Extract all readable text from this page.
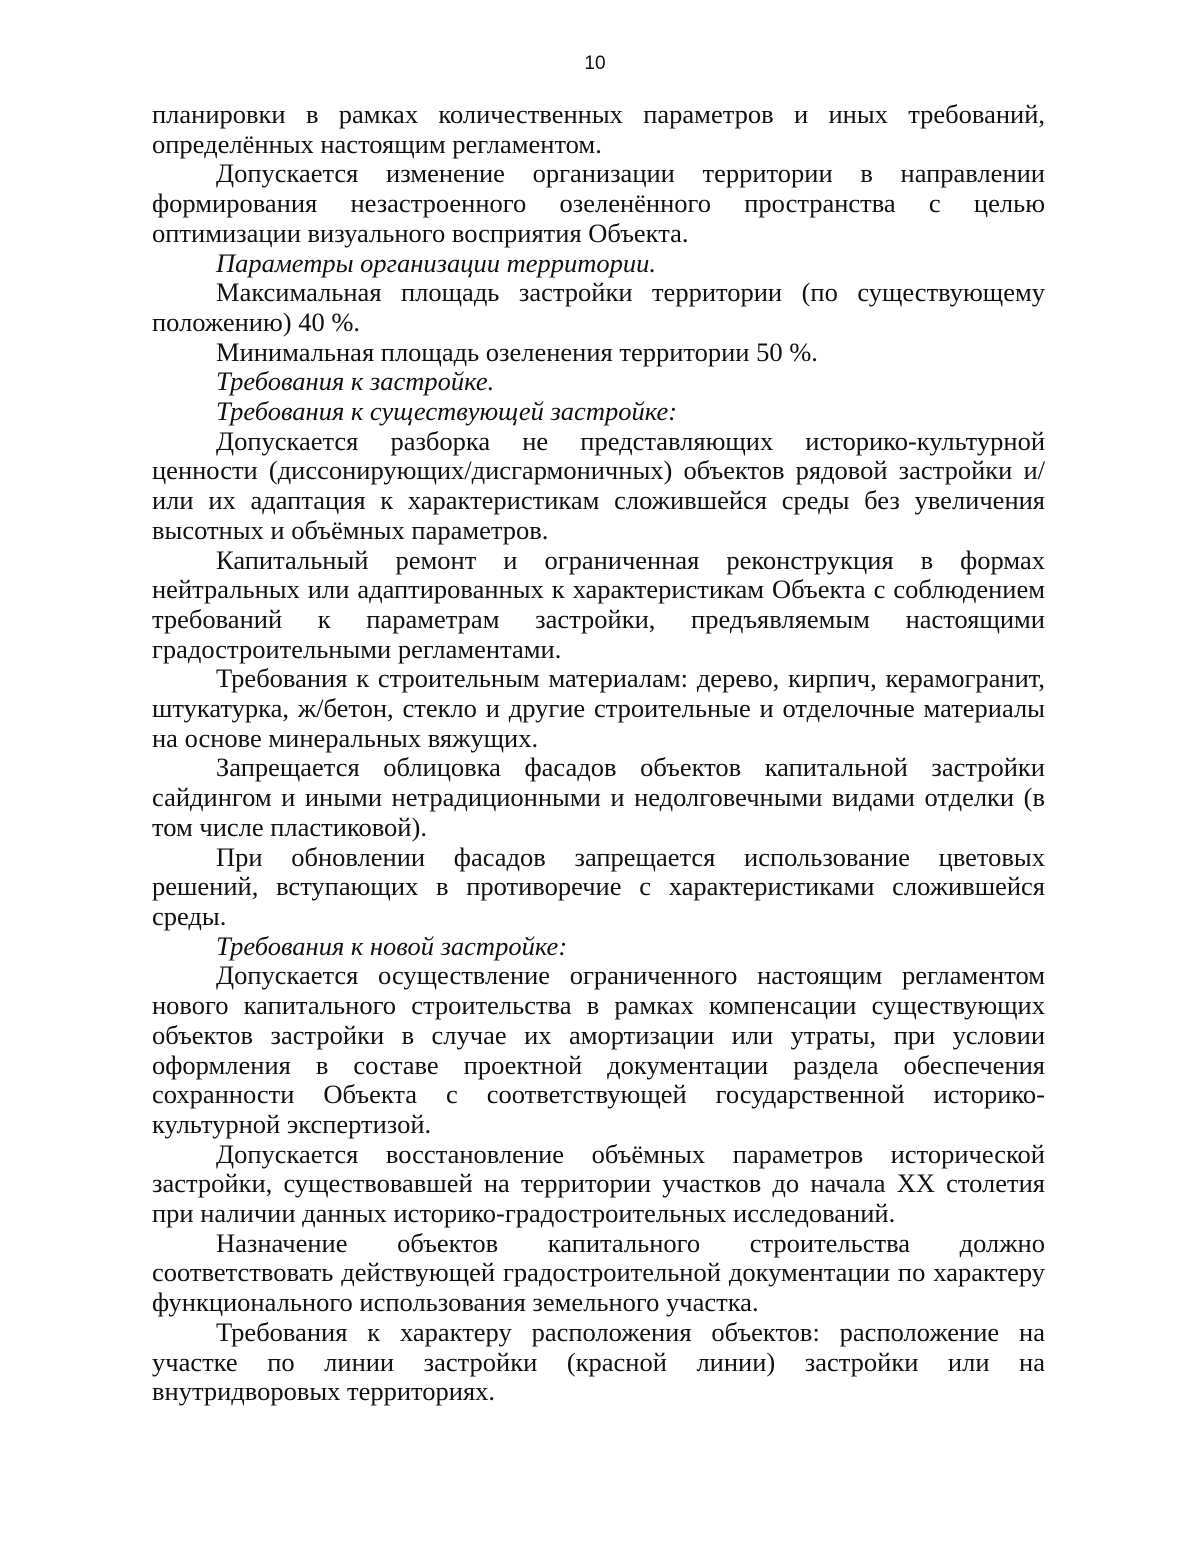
10

планировки в рамках количественных параметров и иных требований, определённых настоящим регламентом.

Допускается изменение организации территории в направлении формирования незастроенного озеленённого пространства с целью оптимизации визуального восприятия Объекта.

Параметры организации территории.

Максимальная площадь застройки территории (по существующему положению) 40 %.

Минимальная площадь озеленения территории 50 %.

Требования к застройке.

Требования к существующей застройке:

Допускается разборка не представляющих историко-культурной ценности (диссонирующих/дисгармоничных) объектов рядовой застройки и/или их адаптация к характеристикам сложившейся среды без увеличения высотных и объёмных параметров.

Капитальный ремонт и ограниченная реконструкция в формах нейтральных или адаптированных к характеристикам Объекта с соблюдением требований к параметрам застройки, предъявляемым настоящими градостроительными регламентами.

Требования к строительным материалам: дерево, кирпич, керамогранит, штукатурка, ж/бетон, стекло и другие строительные и отделочные материалы на основе минеральных вяжущих.

Запрещается облицовка фасадов объектов капитальной застройки сайдингом и иными нетрадиционными и недолговечными видами отделки (в том числе пластиковой).

При обновлении фасадов запрещается использование цветовых решений, вступающих в противоречие с характеристиками сложившейся среды.

Требования к новой застройке:

Допускается осуществление ограниченного настоящим регламентом нового капитального строительства в рамках компенсации существующих объектов застройки в случае их амортизации или утраты, при условии оформления в составе проектной документации раздела обеспечения сохранности Объекта с соответствующей государственной историко-культурной экспертизой.

Допускается восстановление объёмных параметров исторической застройки, существовавшей на территории участков до начала XX столетия при наличии данных историко-градостроительных исследований.

Назначение объектов капитального строительства должно соответствовать действующей градостроительной документации по характеру функционального использования земельного участка.

Требования к характеру расположения объектов: расположение на участке по линии застройки (красной линии) застройки или на внутридворовых территориях.
